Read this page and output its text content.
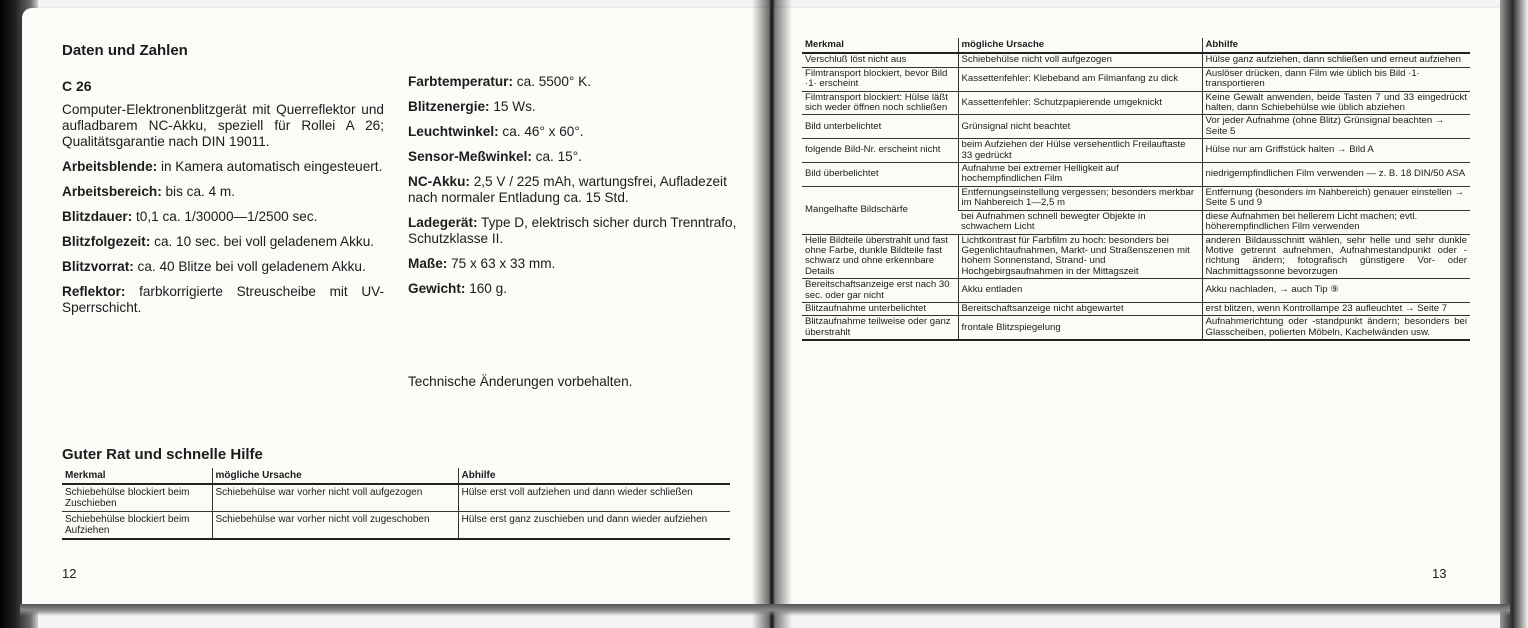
Daten und Zahlen
C 26

Computer-Elektronenblitzgerät mit Querreflektor und aufladbarem NC-Akku, speziell für Rollei A 26; Qualitätsgarantie nach DIN 19011.

Arbeitsblende: in Kamera automatisch eingesteuert.

Arbeitsbereich: bis ca. 4 m.

Blitzdauer: t0,1 ca. 1/30000—1/2500 sec.

Blitzfolgezeit: ca. 10 sec. bei voll geladenem Akku.

Blitzvorrat: ca. 40 Blitze bei voll geladenem Akku.

Reflektor: farbkorrigierte Streuscheibe mit UV-Sperrschicht.

Farbtemperatur: ca. 5500° K.

Blitzenergie: 15 Ws.

Leuchtwinkel: ca. 46° x 60°.

Sensor-Meßwinkel: ca. 15°.

NC-Akku: 2,5 V / 225 mAh, wartungsfrei, Aufladezeit nach normaler Entladung ca. 15 Std.

Ladegerät: Type D, elektrisch sicher durch Trenntrafo, Schutzklasse II.

Maße: 75 x 63 x 33 mm.

Gewicht: 160 g.

Technische Änderungen vorbehalten.
Guter Rat und schnelle Hilfe
Merkmal	mögliche Ursache	Abhilfe
Schiebehülse blockiert beim Zuschieben	Schiebehülse war vorher nicht voll aufgezogen	Hülse erst voll aufziehen und dann wieder schließen
Schiebehülse blockiert beim Aufziehen	Schiebehülse war vorher nicht voll zugeschoben	Hülse erst ganz zuschieben und dann wieder aufziehen
12
Merkmal	mögliche Ursache	Abhilfe
Verschluß löst nicht aus	Schiebehülse nicht voll aufgezogen	Hülse ganz aufziehen, dann schließen und erneut aufziehen
Filmtransport blockiert, bevor Bild ·1· erscheint	Kassettenfehler: Klebeband am Filmanfang zu dick	Auslöser drücken, dann Film wie üblich bis Bild ·1· transportieren
Filmtransport blockiert: Hülse läßt sich weder öffnen noch schließen	Kassettenfehler: Schutzpapierende umgeknickt	Keine Gewalt anwenden, beide Tasten 7 und 33 eingedrückt halten, dann Schiebehülse wie üblich abziehen
Bild unterbelichtet	Grünsignal nicht beachtet	Vor jeder Aufnahme (ohne Blitz) Grünsignal beachten → Seite 5
folgende Bild-Nr. erscheint nicht	beim Aufziehen der Hülse versehentlich Freilauftaste 33 gedrückt	Hülse nur am Griffstück halten → Bild A
Bild überbelichtet	Aufnahme bei extremer Helligkeit auf hochempfindlichen Film	niedrigempfindlichen Film verwenden — z. B. 18 DIN/50 ASA
Mangelhafte Bildschärfe	Entfernungseinstellung vergessen; besonders merkbar im Nahbereich 1—2,5 m	Entfernung (besonders im Nahbereich) genauer einstellen → Seite 5 und 9
	bei Aufnahmen schnell bewegter Objekte in schwachem Licht	diese Aufnahmen bei hellerem Licht machen; evtl. höherempfindlichen Film verwenden
Helle Bildteile überstrahlt und fast ohne Farbe, dunkle Bildteile fast schwarz und ohne erkennbare Details	Lichtkontrast für Farbfilm zu hoch: besonders bei Gegenlichtaufnahmen, Markt- und Straßenszenen mit hohem Sonnenstand, Strand- und Hochgebirgsaufnahmen in der Mittagszeit	anderen Bildausschnitt wählen, sehr helle und sehr dunkle Motive getrennt aufnehmen, Aufnahmestandpunkt oder -richtung ändern; fotografisch günstigere Vor- oder Nachmittagssonne bevorzugen
Bereitschaftsanzeige erst nach 30 sec. oder gar nicht	Akku entladen	Akku nachladen, → auch Tip ⑨
Blitzaufnahme unterbelichtet	Bereitschaftsanzeige nicht abgewartet	erst blitzen, wenn Kontrollampe 23 aufleuchtet → Seite 7
Blitzaufnahme teilweise oder ganz überstrahlt	frontale Blitzspiegelung	Aufnahmerichtung oder -standpunkt ändern; besonders bei Glasscheiben, polierten Möbeln, Kachelwänden usw.
13
